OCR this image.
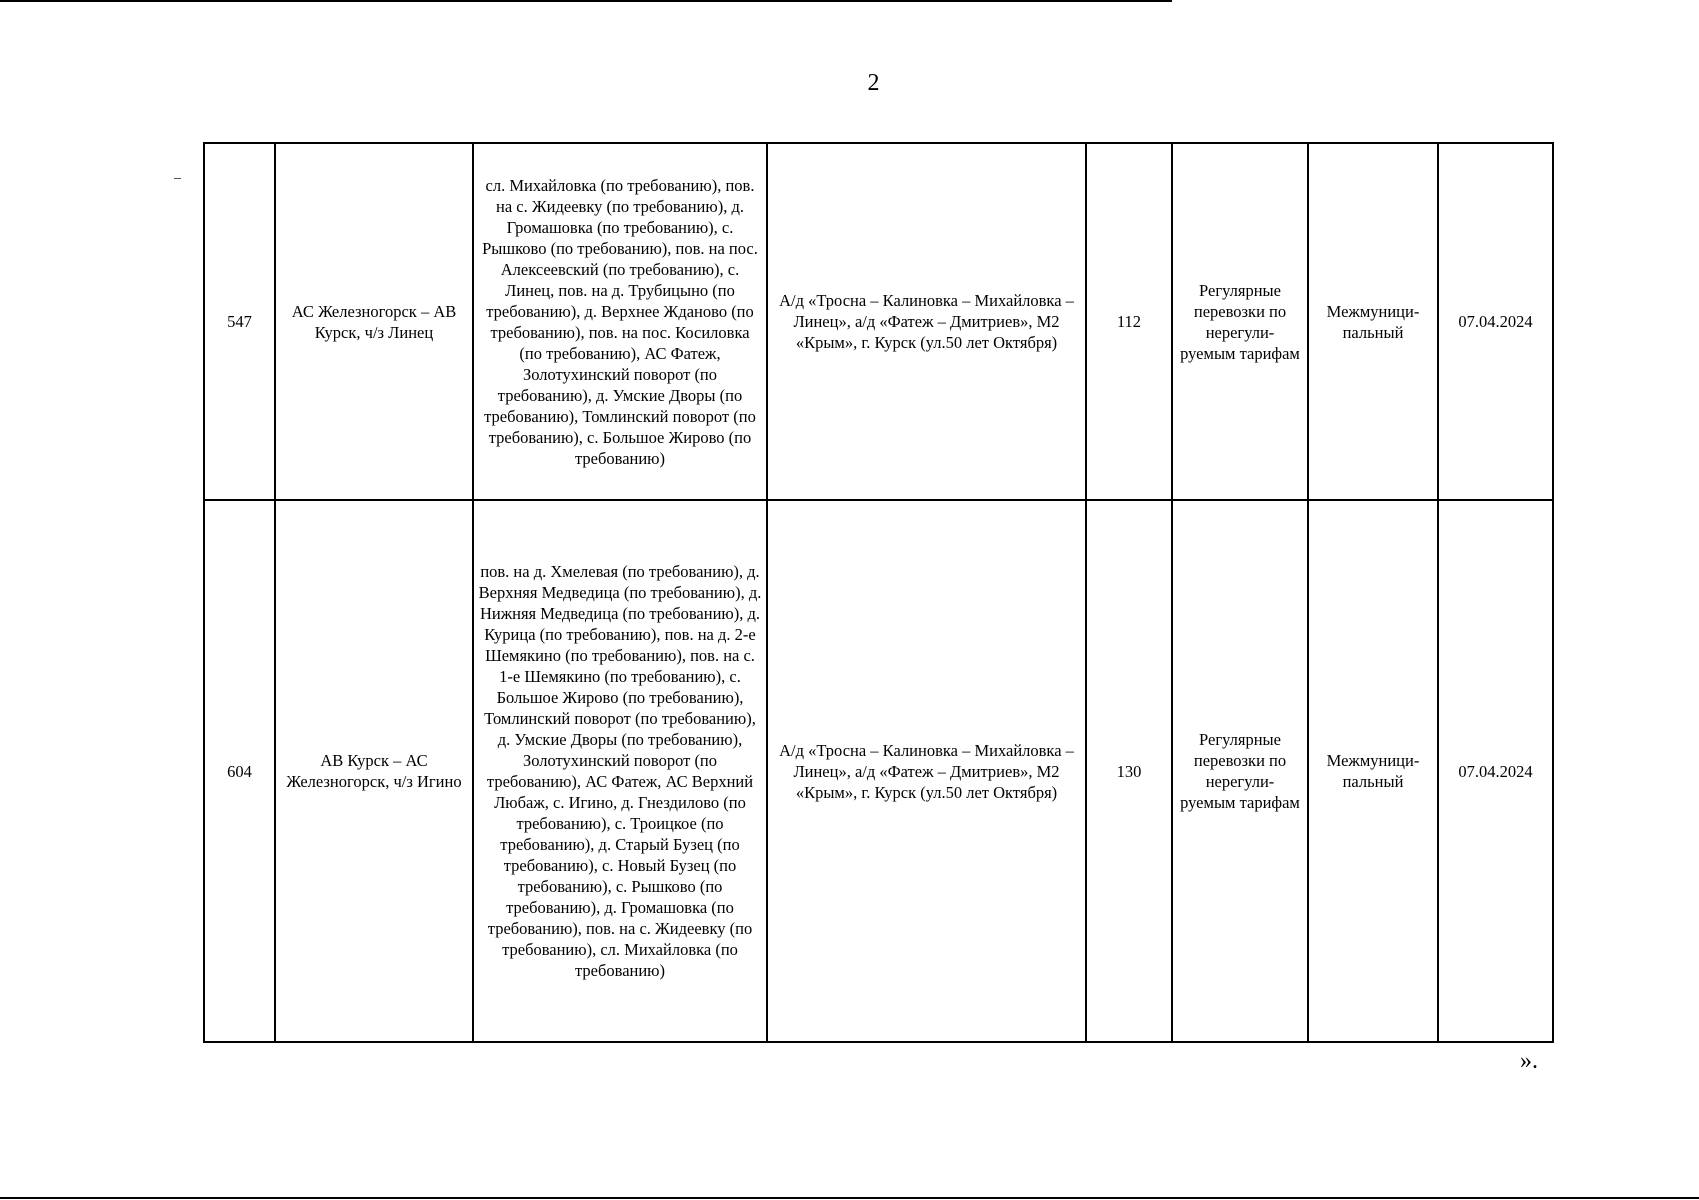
2
547	АС Железногорск – АВ Курск, ч/з Линец	сл. Михайловка (по требованию), пов. на с. Жидеевку (по требованию), д. Громашовка (по требованию), с. Рышково (по требованию), пов. на пос. Алексеевский (по требованию), с. Линец, пов. на д. Трубицыно (по требованию), д. Верхнее Жданово (по требованию), пов. на пос. Косиловка (по требованию), АС Фатеж, Золотухинский поворот (по требованию), д. Умские Дворы (по требованию), Томлинский поворот (по требованию), с. Большое Жирово (по требованию)	А/д «Тросна – Калиновка – Михайловка – Линец», а/д «Фатеж – Дмитриев», М2 «Крым», г. Курск (ул.50 лет Октября)	112	Регулярные перевозки по нерегули-руемым тарифам	Межмуници-пальный	07.04.2024
604	АВ Курск – АС Железногорск, ч/з Игино	пов. на д. Хмелевая (по требованию), д. Верхняя Медведица (по требованию), д. Нижняя Медведица (по требованию), д. Курица (по требованию), пов. на д. 2-е Шемякино (по требованию), пов. на с. 1-е Шемякино (по требованию), с. Большое Жирово (по требованию), Томлинский поворот (по требованию), д. Умские Дворы (по требованию), Золотухинский поворот (по требованию), АС Фатеж, АС Верхний Любаж, с. Игино, д. Гнездилово (по требованию), с. Троицкое (по требованию), д. Старый Бузец (по требованию), с. Новый Бузец (по требованию), с. Рышково (по требованию), д. Громашовка (по требованию), пов. на с. Жидеевку (по требованию), сл. Михайловка (по требованию)	А/д «Тросна – Калиновка – Михайловка – Линец», а/д «Фатеж – Дмитриев», М2 «Крым», г. Курск (ул.50 лет Октября)	130	Регулярные перевозки по нерегули-руемым тарифам	Межмуници-пальный	07.04.2024
».
